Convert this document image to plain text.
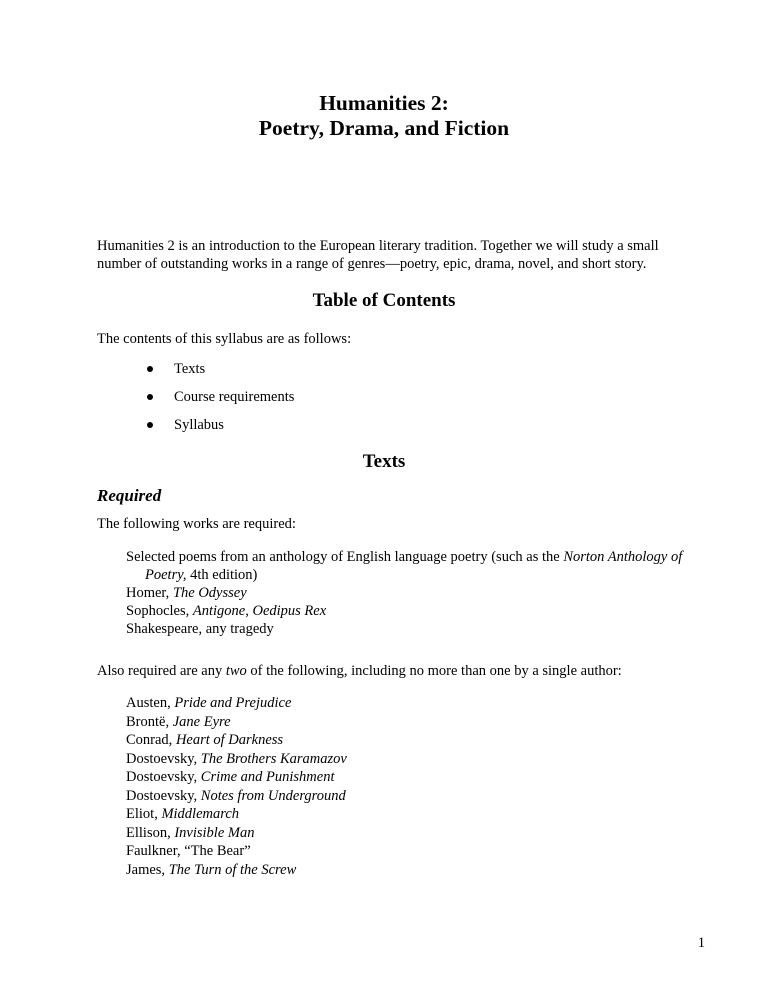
Humanities 2:
Poetry, Drama, and Fiction
Humanities 2 is an introduction to the European literary tradition. Together we will study a small
number of outstanding works in a range of genres—poetry, epic, drama, novel, and short story.
Table of Contents
The contents of this syllabus are as follows:
Texts
Course requirements
Syllabus
Texts
Required
The following works are required:
Selected poems from an anthology of English language poetry (such as the Norton Anthology of Poetry, 4th edition)
Homer, The Odyssey
Sophocles, Antigone, Oedipus Rex
Shakespeare, any tragedy
Also required are any two of the following, including no more than one by a single author:
Austen, Pride and Prejudice
Brontë, Jane Eyre
Conrad, Heart of Darkness
Dostoevsky, The Brothers Karamazov
Dostoevsky, Crime and Punishment
Dostoevsky, Notes from Underground
Eliot, Middlemarch
Ellison, Invisible Man
Faulkner, “The Bear”
James, The Turn of the Screw
1
